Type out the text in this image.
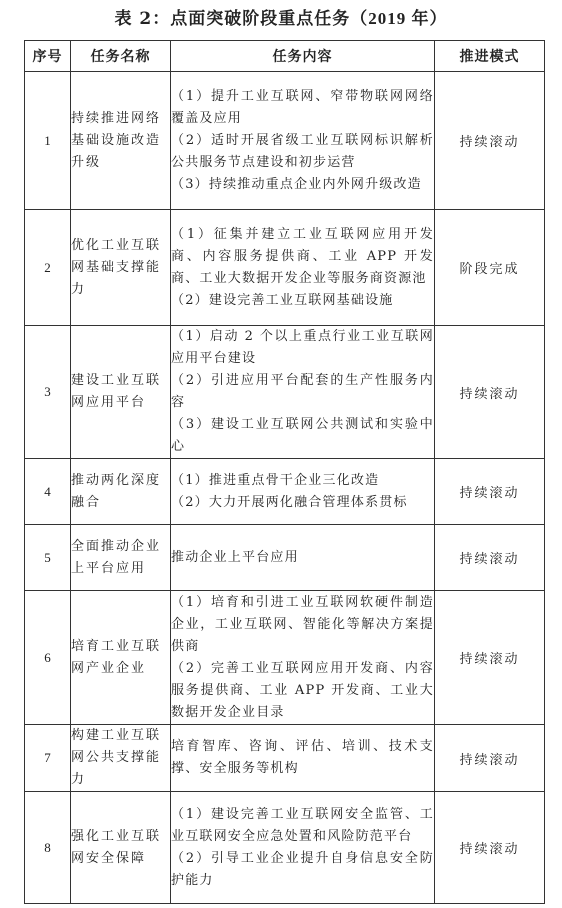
表 2：点面突破阶段重点任务（2019 年）
序号	任务名称	任务内容	推进模式
1	持续推进网络基础设施改造升级	（1）提升工业互联网、窄带物联网网络覆盖及应用
（2）适时开展省级工业互联网标识解析公共服务节点建设和初步运营
（3）持续推动重点企业内外网升级改造	持续滚动
2	优化工业互联网基础支撑能力	（1）征集并建立工业互联网应用开发商、内容服务提供商、工业 APP 开发商、工业大数据开发企业等服务商资源池
（2）建设完善工业互联网基础设施	阶段完成
3	建设工业互联网应用平台	（1）启动 2 个以上重点行业工业互联网应用平台建设
（2）引进应用平台配套的生产性服务内容
（3）建设工业互联网公共测试和实验中心	持续滚动
4	推动两化深度融合	（1）推进重点骨干企业三化改造
（2）大力开展两化融合管理体系贯标	持续滚动
5	全面推动企业上平台应用	推动企业上平台应用	持续滚动
6	培育工业互联网产业企业	（1）培育和引进工业互联网软硬件制造企业，工业互联网、智能化等解决方案提供商
（2）完善工业互联网应用开发商、内容服务提供商、工业 APP 开发商、工业大数据开发企业目录	持续滚动
7	构建工业互联网公共支撑能力	培育智库、咨询、评估、培训、技术支撑、安全服务等机构	持续滚动
8	强化工业互联网安全保障	（1）建设完善工业互联网安全监管、工业互联网安全应急处置和风险防范平台
（2）引导工业企业提升自身信息安全防护能力	持续滚动
